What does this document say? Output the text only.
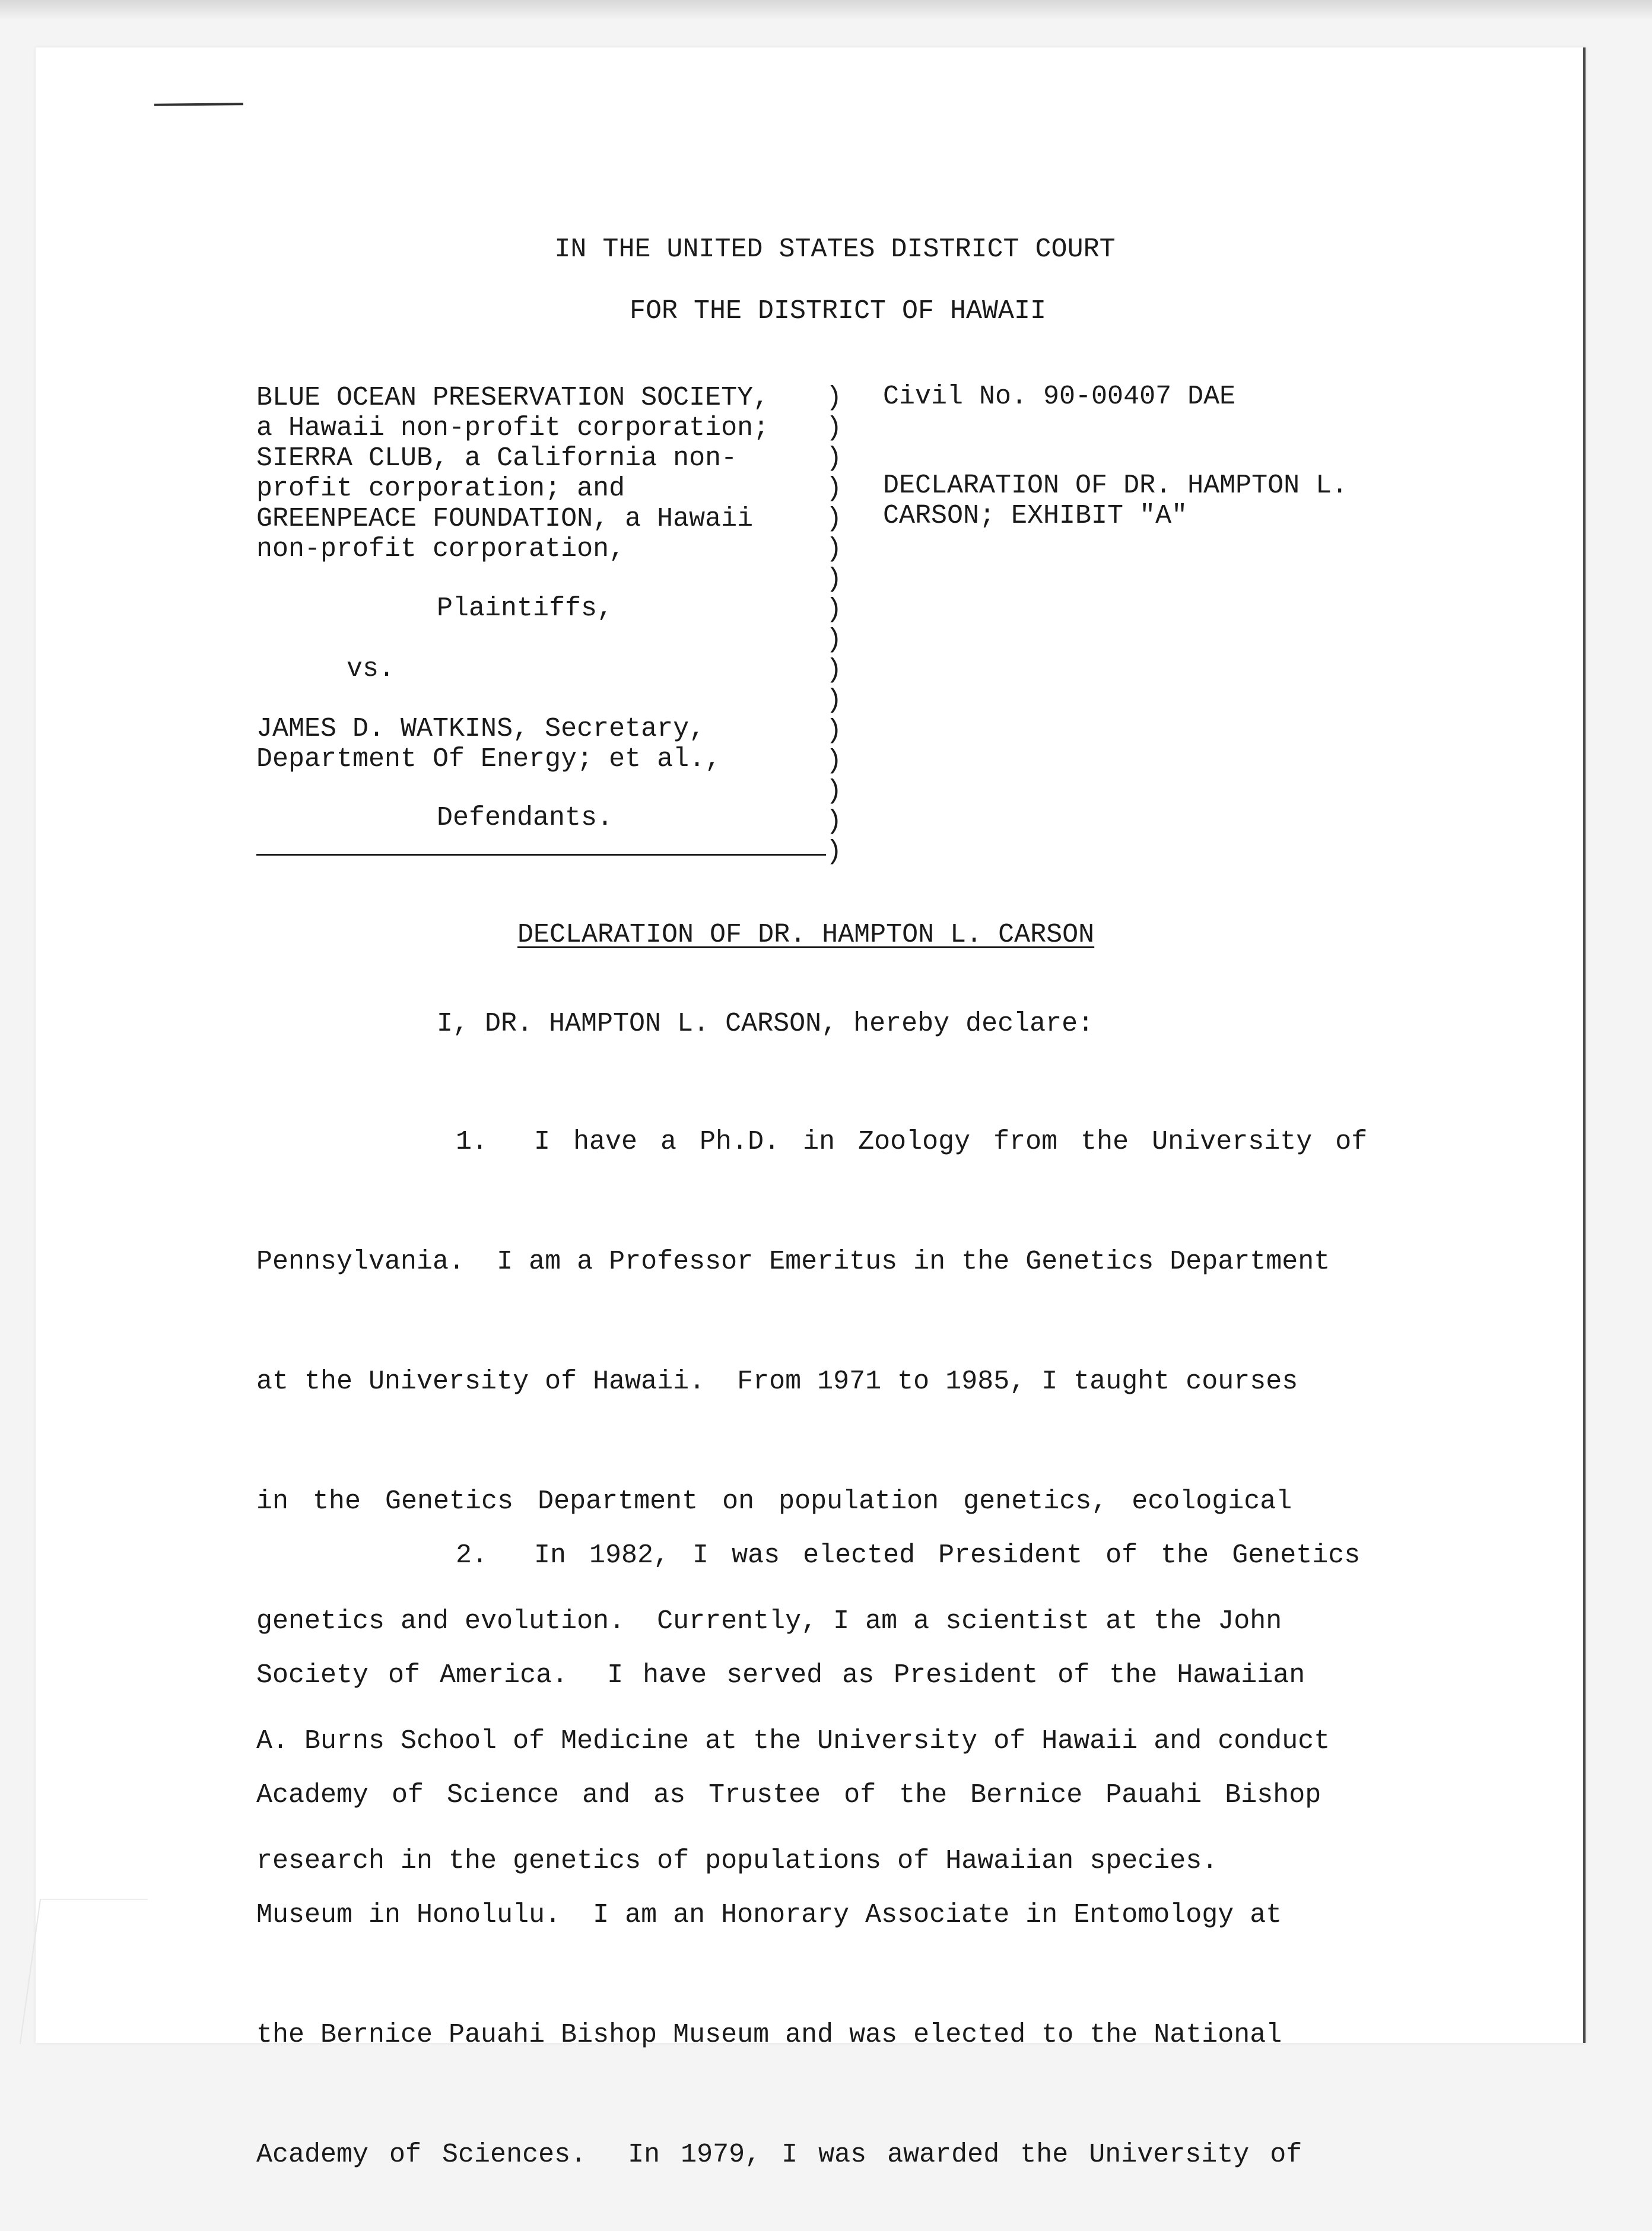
IN THE UNITED STATES DISTRICT COURT
FOR THE DISTRICT OF HAWAII
BLUE OCEAN PRESERVATION SOCIETY,
a Hawaii non-profit corporation;
SIERRA CLUB, a California non-
profit corporation; and
GREENPEACE FOUNDATION, a Hawaii
non-profit corporation,
Plaintiffs,
vs.
JAMES D. WATKINS, Secretary,
Department Of Energy; et al.,
Defendants.
)
)
)
)
)
)
)
)
)
)
)
)
)
)
)
)
Civil No. 90-00407 DAE
DECLARATION OF DR. HAMPTON L.
CARSON; EXHIBIT "A"
DECLARATION OF DR. HAMPTON L. CARSON
I, DR. HAMPTON L. CARSON, hereby declare:

1.  I have a Ph.D. in Zoology from the University of

Pennsylvania.  I am a Professor Emeritus in the Genetics Department

at the University of Hawaii.  From 1971 to 1985, I taught courses

in the Genetics Department on population genetics, ecological

genetics and evolution.  Currently, I am a scientist at the John

A. Burns School of Medicine at the University of Hawaii and conduct

research in the genetics of populations of Hawaiian species.

2.  In 1982, I was elected President of the Genetics

Society of America.  I have served as President of the Hawaiian

Academy of Science and as Trustee of the Bernice Pauahi Bishop

Museum in Honolulu.  I am an Honorary Associate in Entomology at

the Bernice Pauahi Bishop Museum and was elected to the National

Academy of Sciences.  In 1979, I was awarded the University of
